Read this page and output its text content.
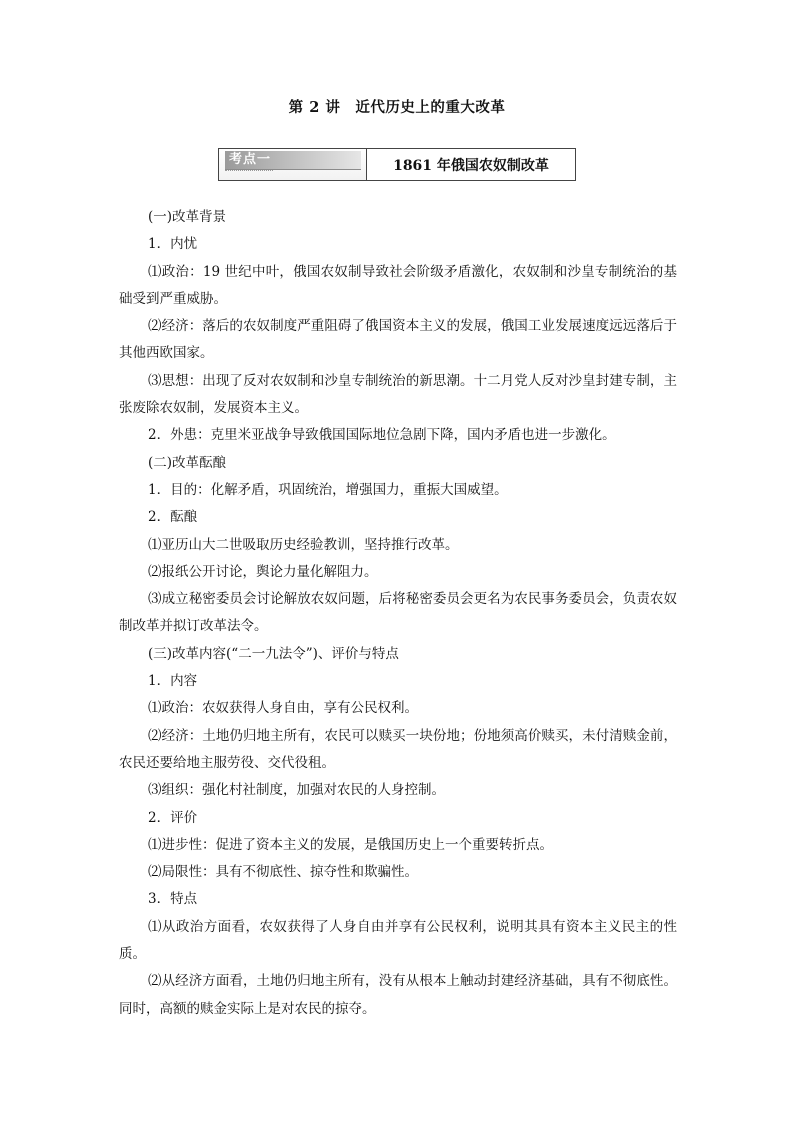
第 2 讲　近代历史上的重大改革
考点一	1861 年俄国农奴制改革

(一)改革背景

1．内忧

⑴政治：19 世纪中叶，俄国农奴制导致社会阶级矛盾激化，农奴制和沙皇专制统治的基础受到严重威胁。

⑵经济：落后的农奴制度严重阻碍了俄国资本主义的发展，俄国工业发展速度远远落后于其他西欧国家。

⑶思想：出现了反对农奴制和沙皇专制统治的新思潮。十二月党人反对沙皇封建专制，主张废除农奴制，发展资本主义。

2．外患：克里米亚战争导致俄国国际地位急剧下降，国内矛盾也进一步激化。

(二)改革酝酿

1．目的：化解矛盾，巩固统治，增强国力，重振大国威望。

2．酝酿

⑴亚历山大二世吸取历史经验教训，坚持推行改革。

⑵报纸公开讨论，舆论力量化解阻力。

⑶成立秘密委员会讨论解放农奴问题，后将秘密委员会更名为农民事务委员会，负责农奴制改革并拟订改革法令。

(三)改革内容(“二一九法令”)、评价与特点

1．内容

⑴政治：农奴获得人身自由，享有公民权利。

⑵经济：土地仍归地主所有，农民可以赎买一块份地；份地须高价赎买，未付清赎金前，农民还要给地主服劳役、交代役租。

⑶组织：强化村社制度，加强对农民的人身控制。

2．评价

⑴进步性：促进了资本主义的发展，是俄国历史上一个重要转折点。

⑵局限性：具有不彻底性、掠夺性和欺骗性。

3．特点

⑴从政治方面看，农奴获得了人身自由并享有公民权利，说明其具有资本主义民主的性质。

⑵从经济方面看，土地仍归地主所有，没有从根本上触动封建经济基础，具有不彻底性。同时，高额的赎金实际上是对农民的掠夺。
